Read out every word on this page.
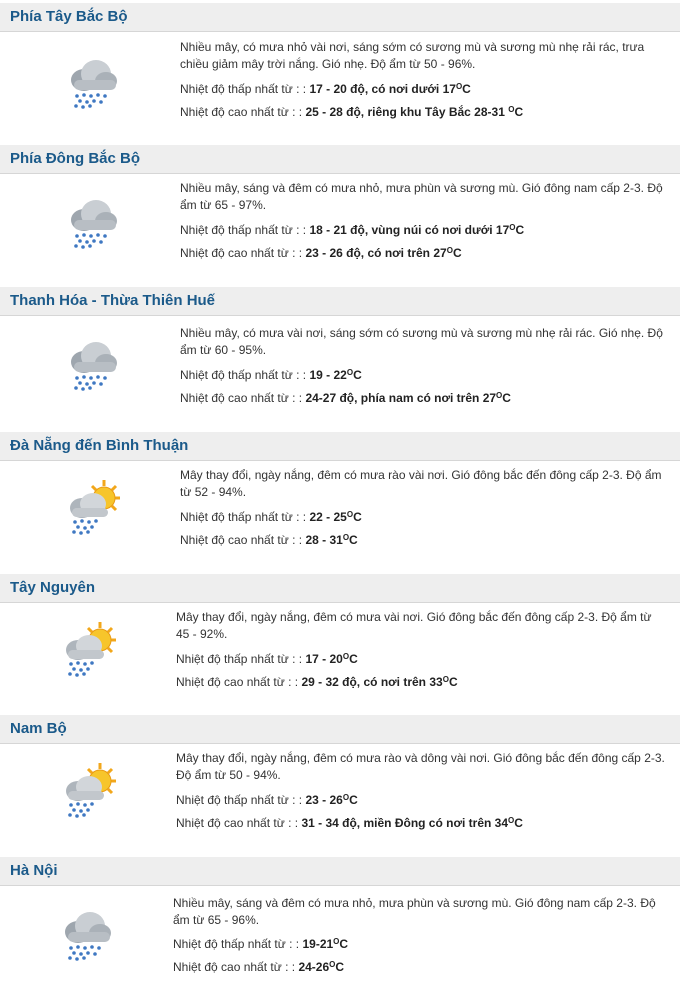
Phía Tây Bắc Bộ
Nhiều mây, có mưa nhỏ vài nơi, sáng sớm có sương mù và sương mù nhẹ rải rác, trưa chiều giảm mây trời nắng. Gió nhẹ. Độ ẩm từ 50 - 96%.
Nhiệt độ thấp nhất từ : : 17 - 20 độ, có nơi dưới $17^OC$
Nhiệt độ cao nhất từ : : 25 - 28 độ, riêng khu Tây Bắc 28-31 $^O$C
Phía Đông Bắc Bộ
Nhiều mây, sáng và đêm có mưa nhỏ, mưa phùn và sương mù. Gió đông nam cấp 2-3. Độ ẩm từ 65 - 97%.
Nhiệt độ thấp nhất từ : : 18 - 21 độ, vùng núi có nơi dưới $17^OC$
Nhiệt độ cao nhất từ : : 23 - 26 độ, có nơi trên $27^OC$
Thanh Hóa - Thừa Thiên Huế
Nhiều mây, có mưa vài nơi, sáng sớm có sương mù và sương mù nhẹ rải rác. Gió nhẹ. Độ ẩm từ 60 - 95%.
Nhiệt độ thấp nhất từ : : $19 - 22^OC$
Nhiệt độ cao nhất từ : : 24-27 độ, phía nam có nơi trên $27^OC$
Đà Nẵng đến Bình Thuận
Mây thay đổi, ngày nắng, đêm có mưa rào vài nơi. Gió đông bắc đến đông cấp 2-3. Độ ẩm từ 52 - 94%.
Nhiệt độ thấp nhất từ : : $22 - 25^OC$
Nhiệt độ cao nhất từ : : $28 - 31^OC$
Tây Nguyên
Mây thay đổi, ngày nắng, đêm có mưa vài nơi. Gió đông bắc đến đông cấp 2-3. Độ ẩm từ 45 - 92%.
Nhiệt độ thấp nhất từ : : $17 - 20^OC$
Nhiệt độ cao nhất từ : : 29 - 32 độ, có nơi trên $33^OC$
Nam Bộ
Mây thay đổi, ngày nắng, đêm có mưa rào và dông vài nơi. Gió đông bắc đến đông cấp 2-3. Độ ẩm từ 50 - 94%.
Nhiệt độ thấp nhất từ : : $23 - 26^OC$
Nhiệt độ cao nhất từ : : 31 - 34 độ, miền Đông có nơi trên $34^OC$
Hà Nội
Nhiều mây, sáng và đêm có mưa nhỏ, mưa phùn và sương mù. Gió đông nam cấp 2-3. Độ ẩm từ 65 - 96%.
Nhiệt độ thấp nhất từ : : $19-21^OC$
Nhiệt độ cao nhất từ : : $24-26^OC$
